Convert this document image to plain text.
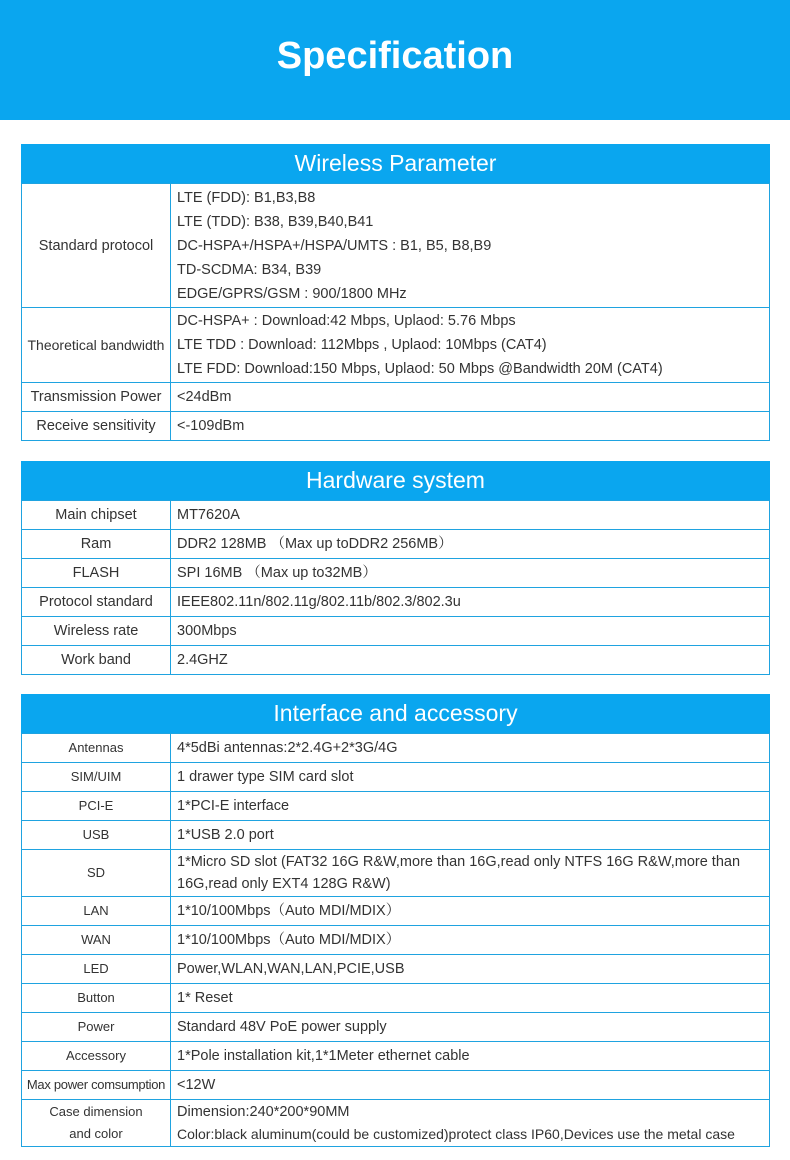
Specification
Wireless Parameter
Standard protocol	LTE (FDD): B1,B3,B8
LTE (TDD): B38, B39,B40,B41
DC-HSPA+/HSPA+/HSPA/UMTS : B1, B5, B8,B9
TD-SCDMA: B34, B39
EDGE/GPRS/GSM : 900/1800 MHz

Theoretical bandwidth	DC-HSPA+ : Download:42 Mbps, Uplaod: 5.76 Mbps
LTE TDD : Download: 112Mbps , Uplaod: 10Mbps (CAT4)
LTE FDD: Download:150 Mbps, Uplaod: 50 Mbps @Bandwidth 20M (CAT4)

Transmission Power	<24dBm
Receive sensitivity	<-109dBm
Hardware system
Main chipset	MT7620A
Ram	DDR2 128MB （Max up toDDR2 256MB）
FLASH	SPI 16MB （Max up to32MB）
Protocol standard	IEEE802.11n/802.11g/802.11b/802.3/802.3u
Wireless rate	300Mbps
Work band	2.4GHZ
Interface and accessory
Antennas	4*5dBi antennas:2*2.4G+2*3G/4G
SIM/UIM	1 drawer type SIM card slot
PCI-E	1*PCI-E interface
USB	1*USB 2.0 port
SD	1*Micro SD slot (FAT32 16G R&W,more than 16G,read only NTFS 16G R&W,more than 16G,read only EXT4 128G R&W)
LAN	1*10/100Mbps（Auto MDI/MDIX）
WAN	1*10/100Mbps（Auto MDI/MDIX）
LED	Power,WLAN,WAN,LAN,PCIE,USB
Button	1* Reset
Power	Standard 48V PoE power supply
Accessory	1*Pole installation kit,1*1Meter ethernet cable
Max power comsumption	<12W

Case dimension
and color	Dimension:240*200*90MM
Color:black aluminum(could be customized)protect class IP60,Devices use the metal case
